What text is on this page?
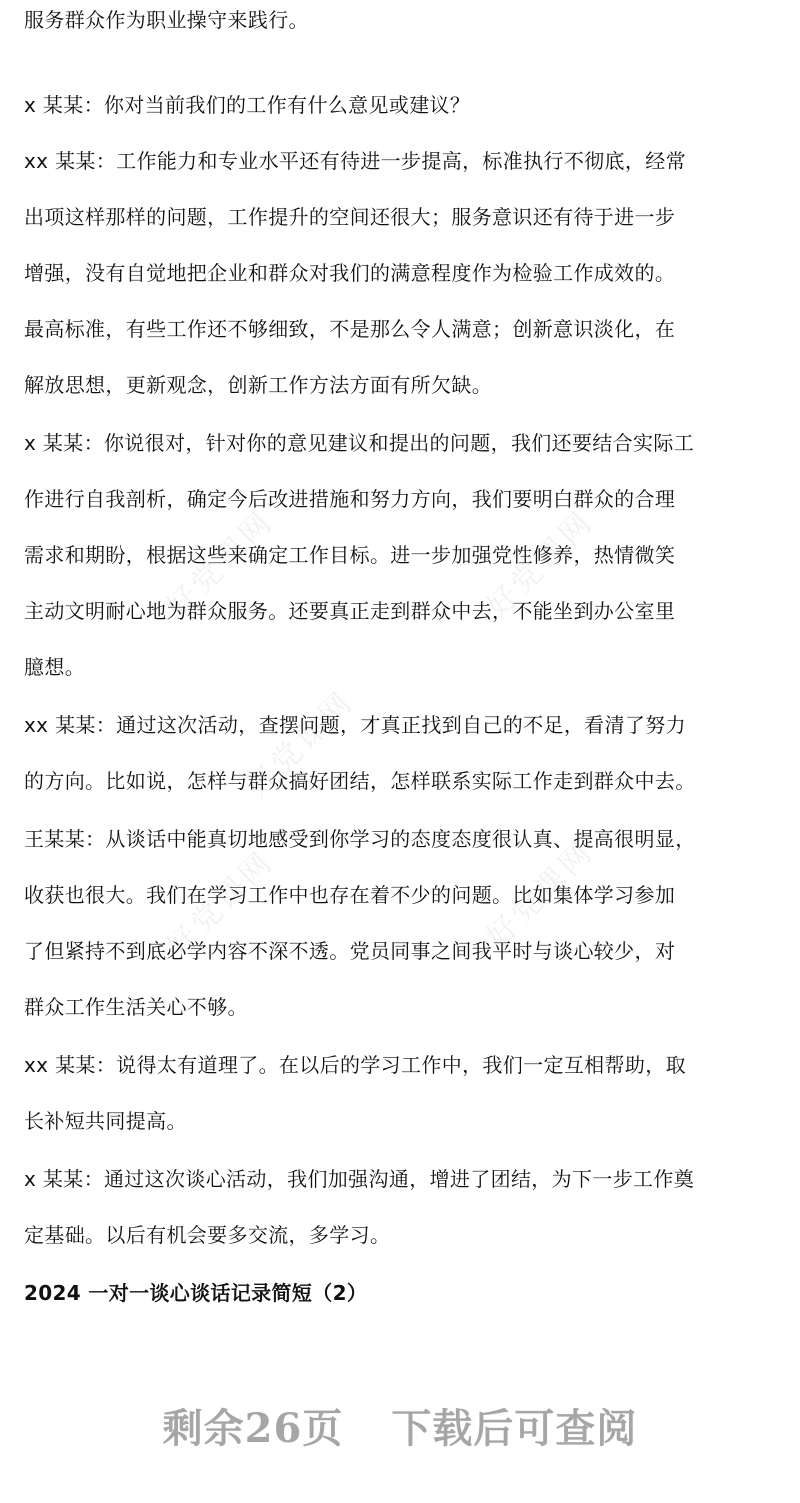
好党课网	好党课网
好党课网
好党课网	好党课网
服务群众作为职业操守来践行。
x 某某：你对当前我们的工作有什么意见或建议？
xx 某某：工作能力和专业水平还有待进一步提高，标准执行不彻底，经常
出项这样那样的问题，工作提升的空间还很大；服务意识还有待于进一步
增强，没有自觉地把企业和群众对我们的满意程度作为检验工作成效的。
最高标准，有些工作还不够细致，不是那么令人满意；创新意识淡化，在
解放思想，更新观念，创新工作方法方面有所欠缺。
x 某某：你说很对，针对你的意见建议和提出的问题，我们还要结合实际工
作进行自我剖析，确定今后改进措施和努力方向，我们要明白群众的合理
需求和期盼，根据这些来确定工作目标。进一步加强党性修养，热情微笑
主动文明耐心地为群众服务。还要真正走到群众中去，不能坐到办公室里
臆想。
xx 某某：通过这次活动，查摆问题，才真正找到自己的不足，看清了努力
的方向。比如说，怎样与群众搞好团结，怎样联系实际工作走到群众中去。
王某某：从谈话中能真切地感受到你学习的态度态度很认真、提高很明显，
收获也很大。我们在学习工作中也存在着不少的问题。比如集体学习参加
了但紧持不到底必学内容不深不透。党员同事之间我平时与谈心较少，对
群众工作生活关心不够。
xx 某某：说得太有道理了。在以后的学习工作中，我们一定互相帮助，取
长补短共同提高。
x 某某：通过这次谈心活动，我们加强沟通，增进了团结，为下一步工作奠
定基础。以后有机会要多交流，多学习。
2024 一对一谈心谈话记录简短（2）
剩余26页 下载后可查阅
